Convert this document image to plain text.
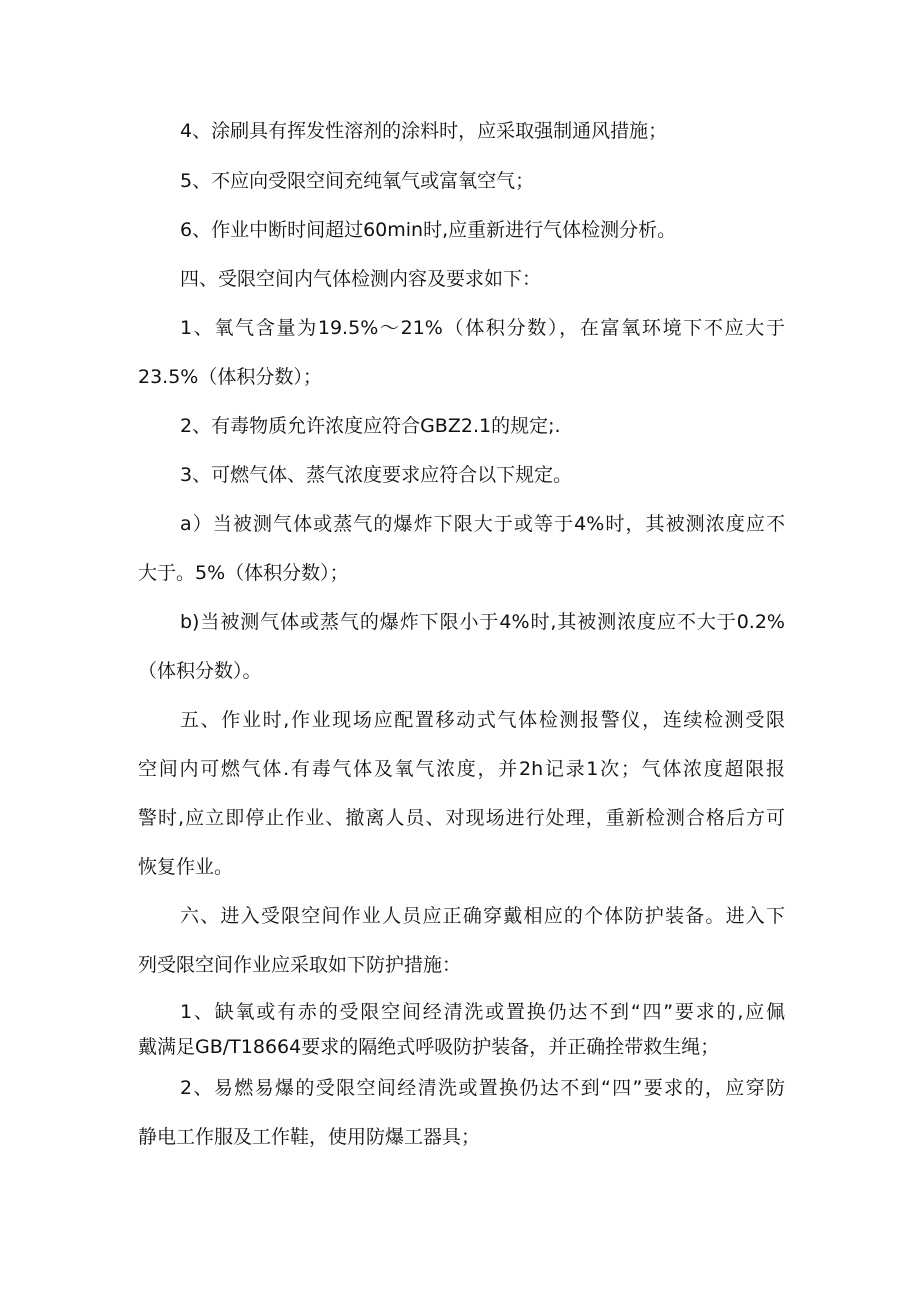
4、涂刷具有挥发性溶剂的涂料时，应采取强制通风措施；

5、不应向受限空间充纯氧气或富氧空气；

6、作业中断时间超过60min时,应重新进行气体检测分析。

四、受限空间内气体检测内容及要求如下：

1、氧气含量为19.5%～21%（体积分数），在富氧环境下不应大于
23.5%（体积分数）；

2、有毒物质允许浓度应符合GBZ2.1的规定;.

3、可燃气体、蒸气浓度要求应符合以下规定。

a）当被测气体或蒸气的爆炸下限大于或等于4%时，其被测浓度应不
大于。5%（体积分数）；

b)当被测气体或蒸气的爆炸下限小于4%时,其被测浓度应不大于0.2%
（体积分数）。

五、作业时,作业现场应配置移动式气体检测报警仪，连续检测受限
空间内可燃气体.有毒气体及氧气浓度，并2h记录1次；气体浓度超限报
警时,应立即停止作业、撤离人员、对现场进行处理，重新检测合格后方可
恢复作业。

六、进入受限空间作业人员应正确穿戴相应的个体防护装备。进入下
列受限空间作业应采取如下防护措施：

1、缺氧或有赤的受限空间经清洗或置换仍达不到“四”要求的,应佩
戴满足GB/T18664要求的隔绝式呼吸防护装备，并正确拴带救生绳；

2、易燃易爆的受限空间经清洗或置换仍达不到“四”要求的，应穿防
静电工作服及工作鞋，使用防爆工器具；
